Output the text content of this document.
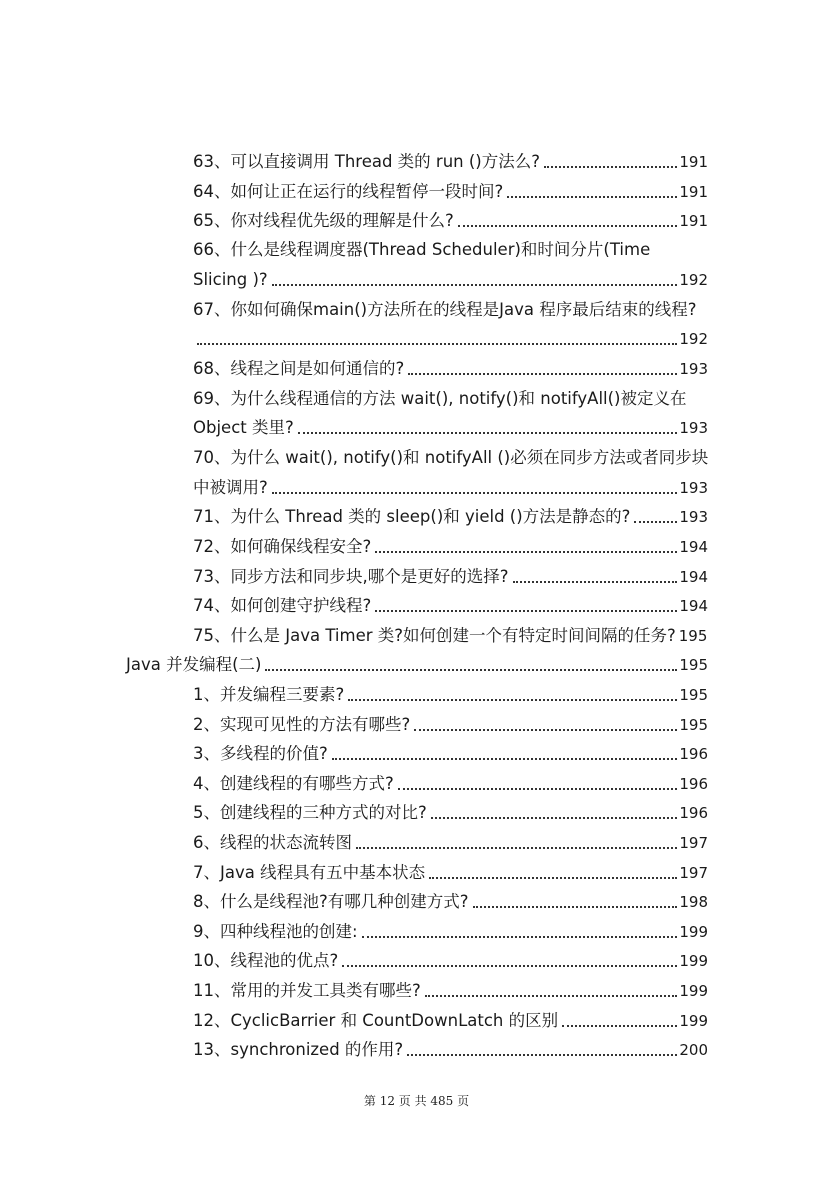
63、可以直接调用 Thread 类的 run ()方法么?	191
64、如何让正在运行的线程暂停一段时间?	191
65、你对线程优先级的理解是什么?	191
66、什么是线程调度器(Thread Scheduler)和时间分片(Time
Slicing )?	192
67、你如何确保main()方法所在的线程是Java 程序最后结束的线程?
192
68、线程之间是如何通信的?	193
69、为什么线程通信的方法 wait(), notify()和 notifyAll()被定义在
Object 类里?	193
70、为什么 wait(), notify()和 notifyAll ()必须在同步方法或者同步块
中被调用?	193
71、为什么 Thread 类的 sleep()和 yield ()方法是静态的?	193
72、如何确保线程安全?	194
73、同步方法和同步块,哪个是更好的选择?	194
74、如何创建守护线程?	194
75、什么是 Java Timer 类?如何创建一个有特定时间间隔的任务? 195
Java 并发编程(二)	195
1、并发编程三要素?	195
2、实现可见性的方法有哪些?	195
3、多线程的价值?	196
4、创建线程的有哪些方式?	196
5、创建线程的三种方式的对比?	196
6、线程的状态流转图	197
7、Java 线程具有五中基本状态	197
8、什么是线程池?有哪几种创建方式?	198
9、四种线程池的创建:	199
10、线程池的优点?	199
11、常用的并发工具类有哪些?	199
12、CyclicBarrier 和 CountDownLatch 的区别	199
13、synchronized 的作用?	200
第 12 页 共 485 页
